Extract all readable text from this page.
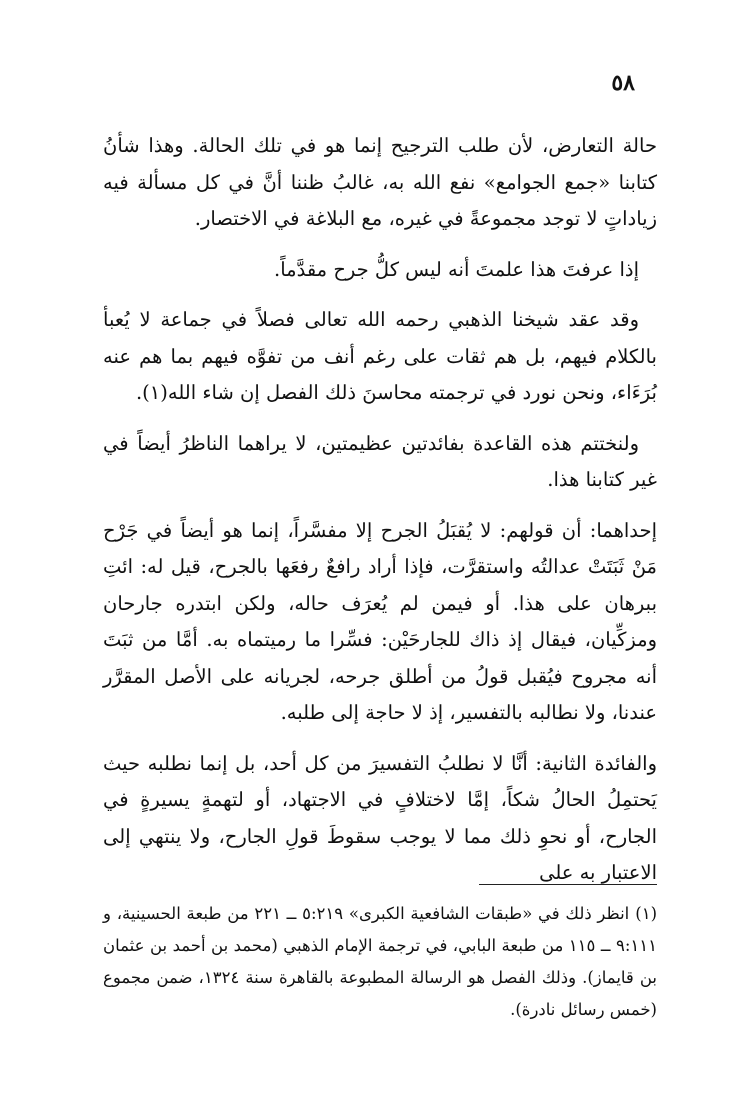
٥٨

حالة التعارض، لأن طلب الترجيح إنما هو في تلك الحالة. وهذا شأنُ كتابنا «جمع الجوامع» نفع الله به، غالبُ ظننا أنَّ في كل مسألة فيه زياداتٍ لا توجد مجموعةً في غيره، مع البلاغة في الاختصار.

إذا عرفتَ هذا علمتَ أنه ليس كلُّ جرح مقدَّماً.

وقد عقد شيخنا الذهبي رحمه الله تعالى فصلاً في جماعة لا يُعبأ بالكلام فيهم، بل هم ثقات على رغم أنف من تفوَّه فيهم بما هم عنه بُرَءَاء، ونحن نورد في ترجمته محاسنَ ذلك الفصل إن شاء الله(١).

ولنختتم هذه القاعدة بفائدتين عظيمتين، لا يراهما الناظرُ أيضاً في غير كتابنا هذا.

إحداهما: أن قولهم: لا يُقبَلُ الجرح إلا مفسَّراً، إنما هو أيضاً في جَرْح مَنْ ثَبَتَتْ عدالتُه واستقرَّت، فإذا أراد رافعٌ رفعَها بالجرح، قيل له: ائتِ ببرهان على هذا. أو فيمن لم يُعرَف حاله، ولكن ابتدره جارحان ومزكِّيان، فيقال إذ ذاك للجارحَيْن: فسِّرا ما رميتماه به. أمَّا من ثبَتَ أنه مجروح فيُقبل قولُ من أطلق جرحه، لجريانه على الأصل المقرَّر عندنا، ولا نطالبه بالتفسير، إذ لا حاجة إلى طلبه.

والفائدة الثانية: أنَّا لا نطلبُ التفسيرَ من كل أحد، بل إنما نطلبه حيث يَحتمِلُ الحالُ شكاً، إمَّا لاختلافٍ في الاجتهاد، أو لتهمةٍ يسيرةٍ في الجارح، أو نحوِ ذلك مما لا يوجب سقوطَ قولِ الجارح، ولا ينتهي إلى الاعتبار به على

(١)انظر ذلك في «طبقات الشافعية الكبرى» ٥:٢١٩ ــ ٢٢١ من طبعة الحسينية، و ٩:١١١ ــ ١١٥ من طبعة البابي، في ترجمة الإمام الذهبي (محمد بن أحمد بن عثمان بن قايماز). وذلك الفصل هو الرسالة المطبوعة بالقاهرة سنة ١٣٢٤، ضمن مجموع (خمس رسائل نادرة).
